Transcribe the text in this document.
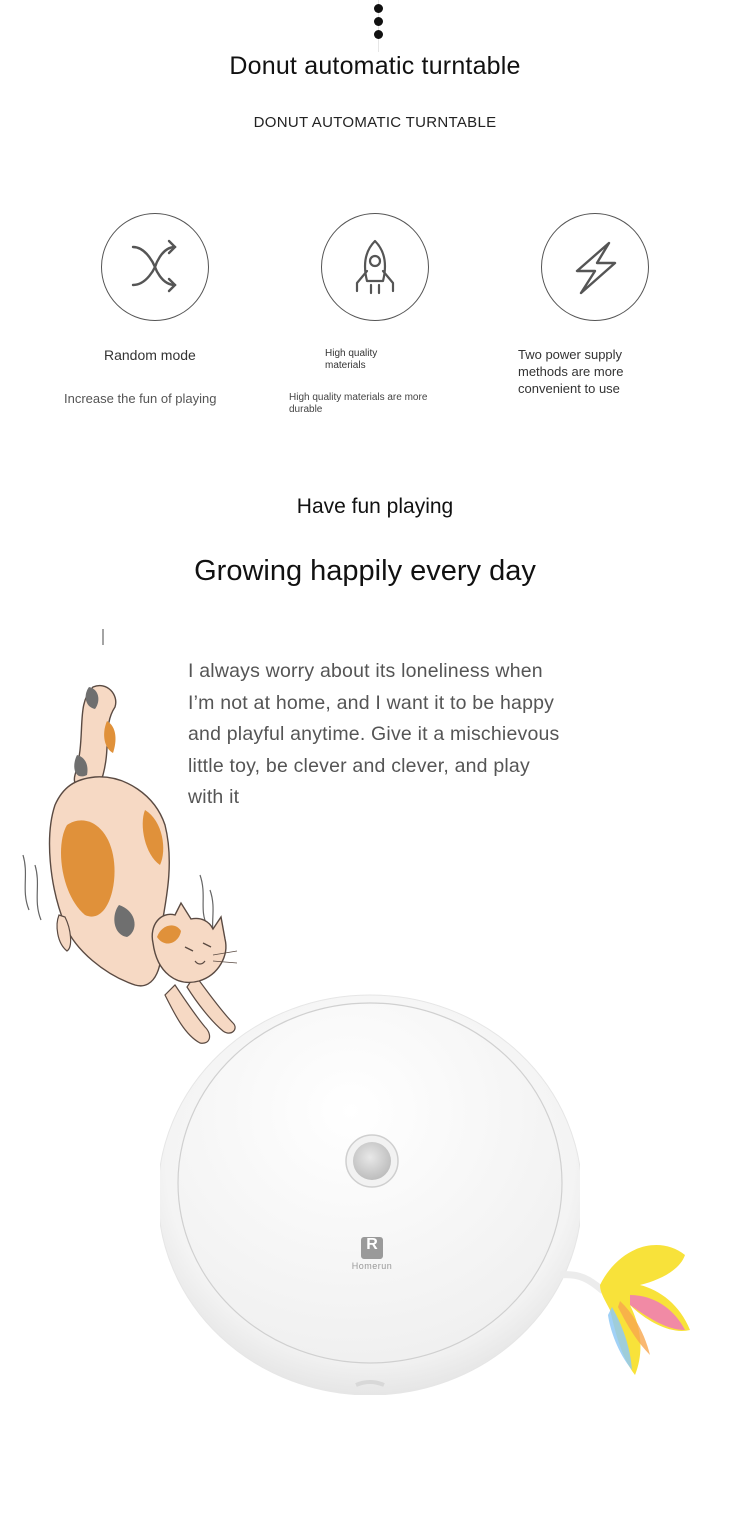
Donut automatic turntable
DONUT AUTOMATIC TURNTABLE
Random mode
Increase the fun of playing
High quality materials
High quality materials are more durable
Two power supply methods are more convenient to use
Have fun playing
Growing happily every day
I always worry about its loneliness when I’m not at home, and I want it to be happy and playful anytime. Give it a mischievous little toy, be clever and clever, and play with it
R
Homerun
